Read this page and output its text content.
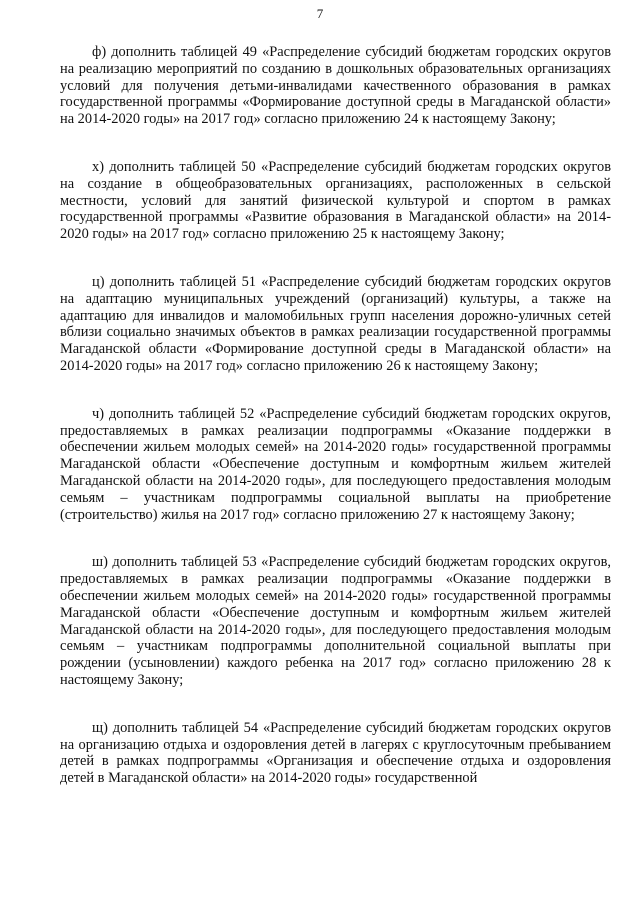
7

ф) дополнить таблицей 49 «Распределение субсидий бюджетам городских округов на реализацию мероприятий по созданию в дошкольных образовательных организациях условий для получения детьми-инвалидами качественного образования в рамках государственной программы «Формирование доступной среды в Магаданской области» на 2014-2020 годы» на 2017 год» согласно приложению 24 к настоящему Закону;

х) дополнить таблицей 50 «Распределение субсидий бюджетам городских округов на создание в общеобразовательных организациях, расположенных в сельской местности, условий для занятий физической культурой и спортом в рамках государственной программы «Развитие образования в Магаданской области» на 2014-2020 годы» на 2017 год» согласно приложению 25 к настоящему Закону;

ц) дополнить таблицей 51 «Распределение субсидий бюджетам городских округов на адаптацию муниципальных учреждений (организаций) культуры, а также на адаптацию для инвалидов и маломобильных групп населения дорожно-уличных сетей вблизи социально значимых объектов в рамках реализации государственной программы Магаданской области «Формирование доступной среды в Магаданской области» на 2014-2020 годы» на 2017 год» согласно приложению 26 к настоящему Закону;

ч) дополнить таблицей 52 «Распределение субсидий бюджетам городских округов, предоставляемых в рамках реализации подпрограммы «Оказание поддержки в обеспечении жильем молодых семей» на 2014-2020 годы» государственной программы Магаданской области «Обеспечение доступным и комфортным жильем жителей Магаданской области на 2014-2020 годы», для последующего предоставления молодым семьям – участникам подпрограммы социальной выплаты на приобретение (строительство) жилья на 2017 год» согласно приложению 27 к настоящему Закону;

ш) дополнить таблицей 53 «Распределение субсидий бюджетам городских округов, предоставляемых в рамках реализации подпрограммы «Оказание поддержки в обеспечении жильем молодых семей» на 2014-2020 годы» государственной программы Магаданской области «Обеспечение доступным и комфортным жильем жителей Магаданской области на 2014-2020 годы», для последующего предоставления молодым семьям – участникам подпрограммы дополнительной социальной выплаты при рождении (усыновлении) каждого ребенка на 2017 год» согласно приложению 28 к настоящему Закону;

щ) дополнить таблицей 54 «Распределение субсидий бюджетам городских округов на организацию отдыха и оздоровления детей в лагерях с круглосуточным пребыванием детей в рамках подпрограммы «Организация и обеспечение отдыха и оздоровления детей в Магаданской области» на 2014-2020 годы» государственной
